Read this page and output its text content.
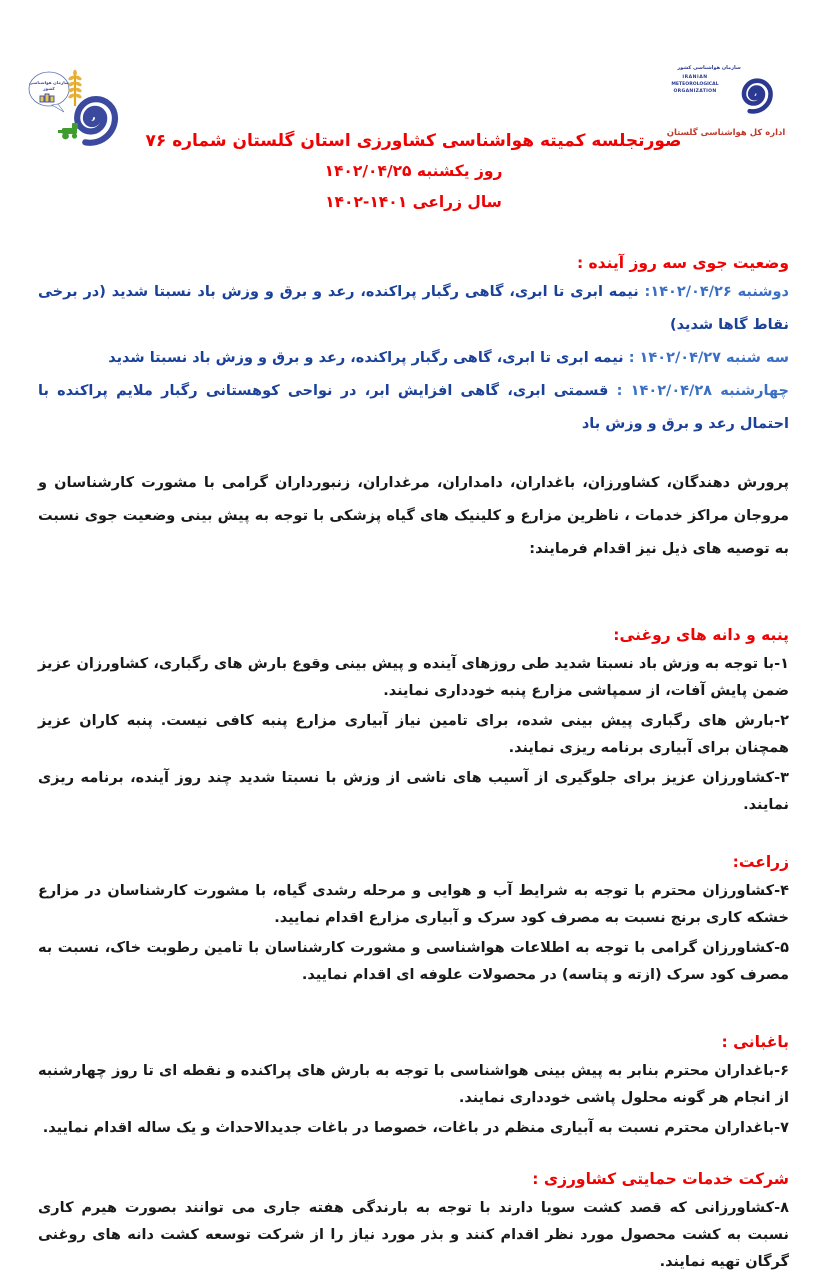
سازمان هواشناسی
کشور
سازمان هواشناسی کشور
IRANIAN
METEOROLOGICAL
ORGANIZATION
اداره کل هواشناسی گلستان
صورتجلسه کمیته هواشناسی کشاورزی استان گلستان شماره ۷۶
روز یکشنبه ۱۴۰۲/۰۴/۲۵
سال زراعی ۱۴۰۱-۱۴۰۲
وضعیت جوی سه روز آینده :
دوشنبه ۱۴۰۲/۰۴/۲۶: نیمه ابری تا ابری، گاهی رگبار پراکنده، رعد و برق و وزش باد نسبتا شدید (در برخی نقاط گاها شدید)
سه شنبه ۱۴۰۲/۰۴/۲۷ : نیمه ابری تا ابری، گاهی رگبار پراکنده، رعد و برق و وزش باد نسبتا شدید
چهارشنبه ۱۴۰۲/۰۴/۲۸ : قسمتی ابری، گاهی افزایش ابر، در نواحی کوهستانی رگبار ملایم پراکنده با احتمال رعد و برق و وزش باد

پرورش دهندگان، کشاورزان، باغداران، دامداران، مرغداران، زنبورداران گرامی با مشورت کارشناسان و مروجان مراکز خدمات ، ناظرین مزارع و کلینیک های گیاه پزشکی با توجه به پیش بینی وضعیت جوی نسبت به توصیه های ذیل نیز اقدام فرمایند:

پنبه و دانه های روغنی:

۱-با توجه به وزش باد نسبتا شدید طی روزهای آینده و پیش بینی وقوع بارش های رگباری، کشاورزان عزیز ضمن پایش آفات، از سمپاشی مزارع پنبه خودداری نمایند.

۲-بارش های رگباری پیش بینی شده، برای تامین نیاز آبیاری مزارع پنبه کافی نیست. پنبه کاران عزیز همچنان برای آبیاری برنامه ریزی نمایند.

۳-کشاورزان عزیز برای جلوگیری از آسیب های ناشی از وزش با نسبتا شدید چند روز آینده، برنامه ریزی نمایند.

زراعت:

۴-کشاورزان محترم با توجه به شرایط آب و هوایی و مرحله رشدی گیاه، با مشورت کارشناسان در مزارع خشکه کاری برنج نسبت به مصرف کود سرک و آبیاری مزارع اقدام نمایید.

۵-کشاورزان گرامی با توجه به اطلاعات هواشناسی و مشورت کارشناسان با تامین رطوبت خاک، نسبت به مصرف کود سرک (ازته و پتاسه) در محصولات علوفه ای اقدام نمایید.

باغبانی :

۶-باغداران محترم بنابر به پیش بینی هواشناسی با توجه به بارش های پراکنده و نقطه ای تا روز چهارشنبه از انجام هر گونه محلول پاشی خودداری نمایند.

۷-باغداران محترم نسبت به آبیاری منظم در باغات، خصوصا در باغات جدیدالاحداث و یک ساله اقدام نمایید.

شرکت خدمات حمایتی کشاورزی :

۸-کشاورزانی که قصد کشت سویا دارند با توجه به بارندگی هفته جاری می توانند بصورت هیرم کاری نسبت به کشت محصول مورد نظر اقدام کنند و بذر مورد نیاز را از شرکت توسعه کشت دانه های روغنی گرگان تهیه نمایند.
